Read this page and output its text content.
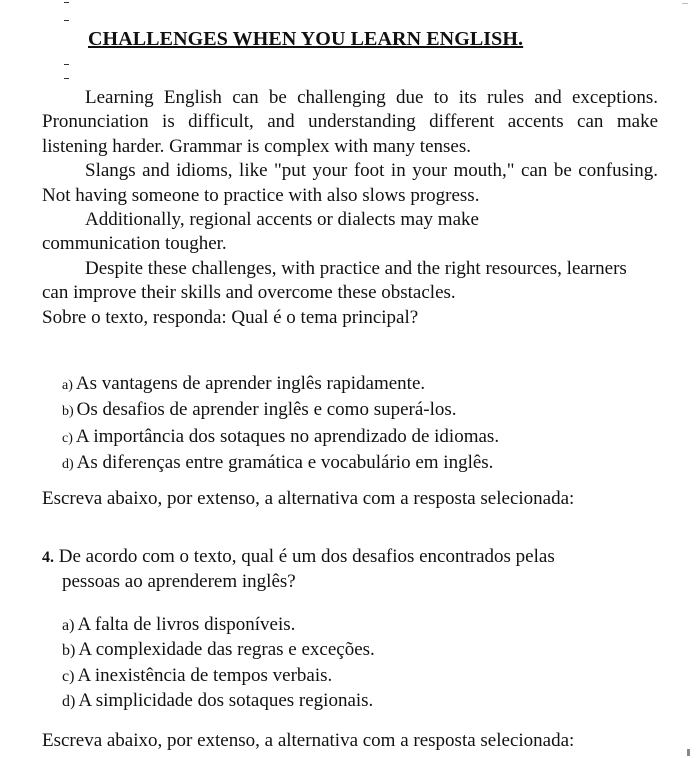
CHALLENGES WHEN YOU LEARN ENGLISH.

Learning English can be challenging due to its rules and exceptions. Pronunciation is difficult, and understanding different accents can make listening harder. Grammar is complex with many tenses.

Slangs and idioms, like "put your foot in your mouth," can be confusing. Not having someone to practice with also slows progress.

Additionally, regional accents or dialects may make communication tougher.

Despite these challenges, with practice and the right resources, learners can improve their skills and overcome these obstacles.

Sobre o texto, responda: Qual é o tema principal?

a) As vantagens de aprender inglês rapidamente.
b) Os desafios de aprender inglês e como superá-los.
c) A importância dos sotaques no aprendizado de idiomas.
d) As diferenças entre gramática e vocabulário em inglês.
Escreva abaixo, por extenso, a alternativa com a resposta selecionada:
4. De acordo com o texto, qual é um dos desafios encontrados pelas
pessoas ao aprenderem inglês?
a) A falta de livros disponíveis.
b) A complexidade das regras e exceções.
c) A inexistência de tempos verbais.
d) A simplicidade dos sotaques regionais.
Escreva abaixo, por extenso, a alternativa com a resposta selecionada:
